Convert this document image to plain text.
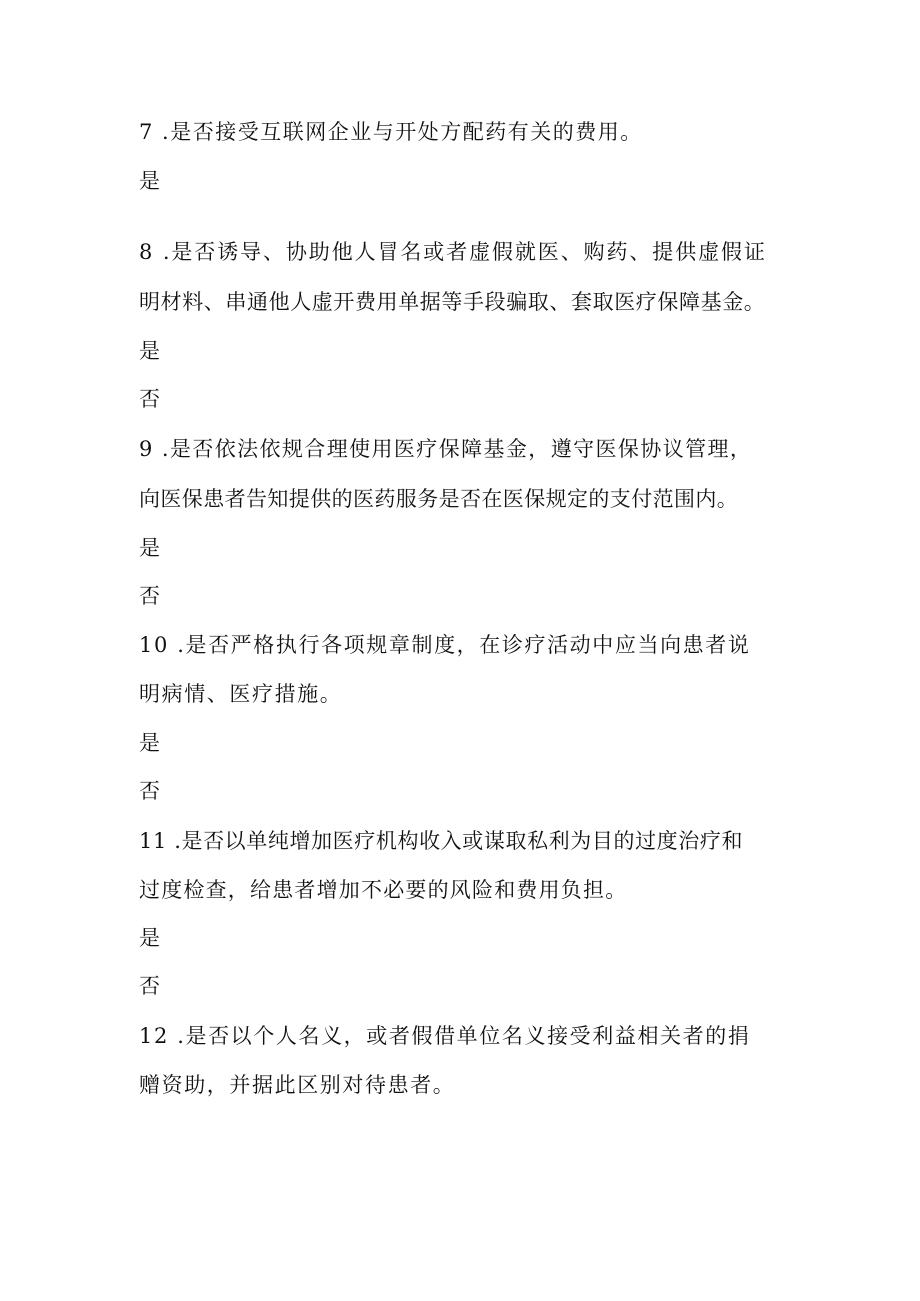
7 .是否接受互联网企业与开处方配药有关的费用。
是
8 .是否诱导、协助他人冒名或者虚假就医、购药、提供虚假证
明材料、串通他人虚开费用单据等手段骗取、套取医疗保障基金。
是
否
9 .是否依法依规合理使用医疗保障基金，遵守医保协议管理，
向医保患者告知提供的医药服务是否在医保规定的支付范围内。
是
否
10 .是否严格执行各项规章制度，在诊疗活动中应当向患者说
明病情、医疗措施。
是
否
11 .是否以单纯增加医疗机构收入或谋取私利为目的过度治疗和
过度检查，给患者增加不必要的风险和费用负担。
是
否
12 .是否以个人名义，或者假借单位名义接受利益相关者的捐
赠资助，并据此区别对待患者。
